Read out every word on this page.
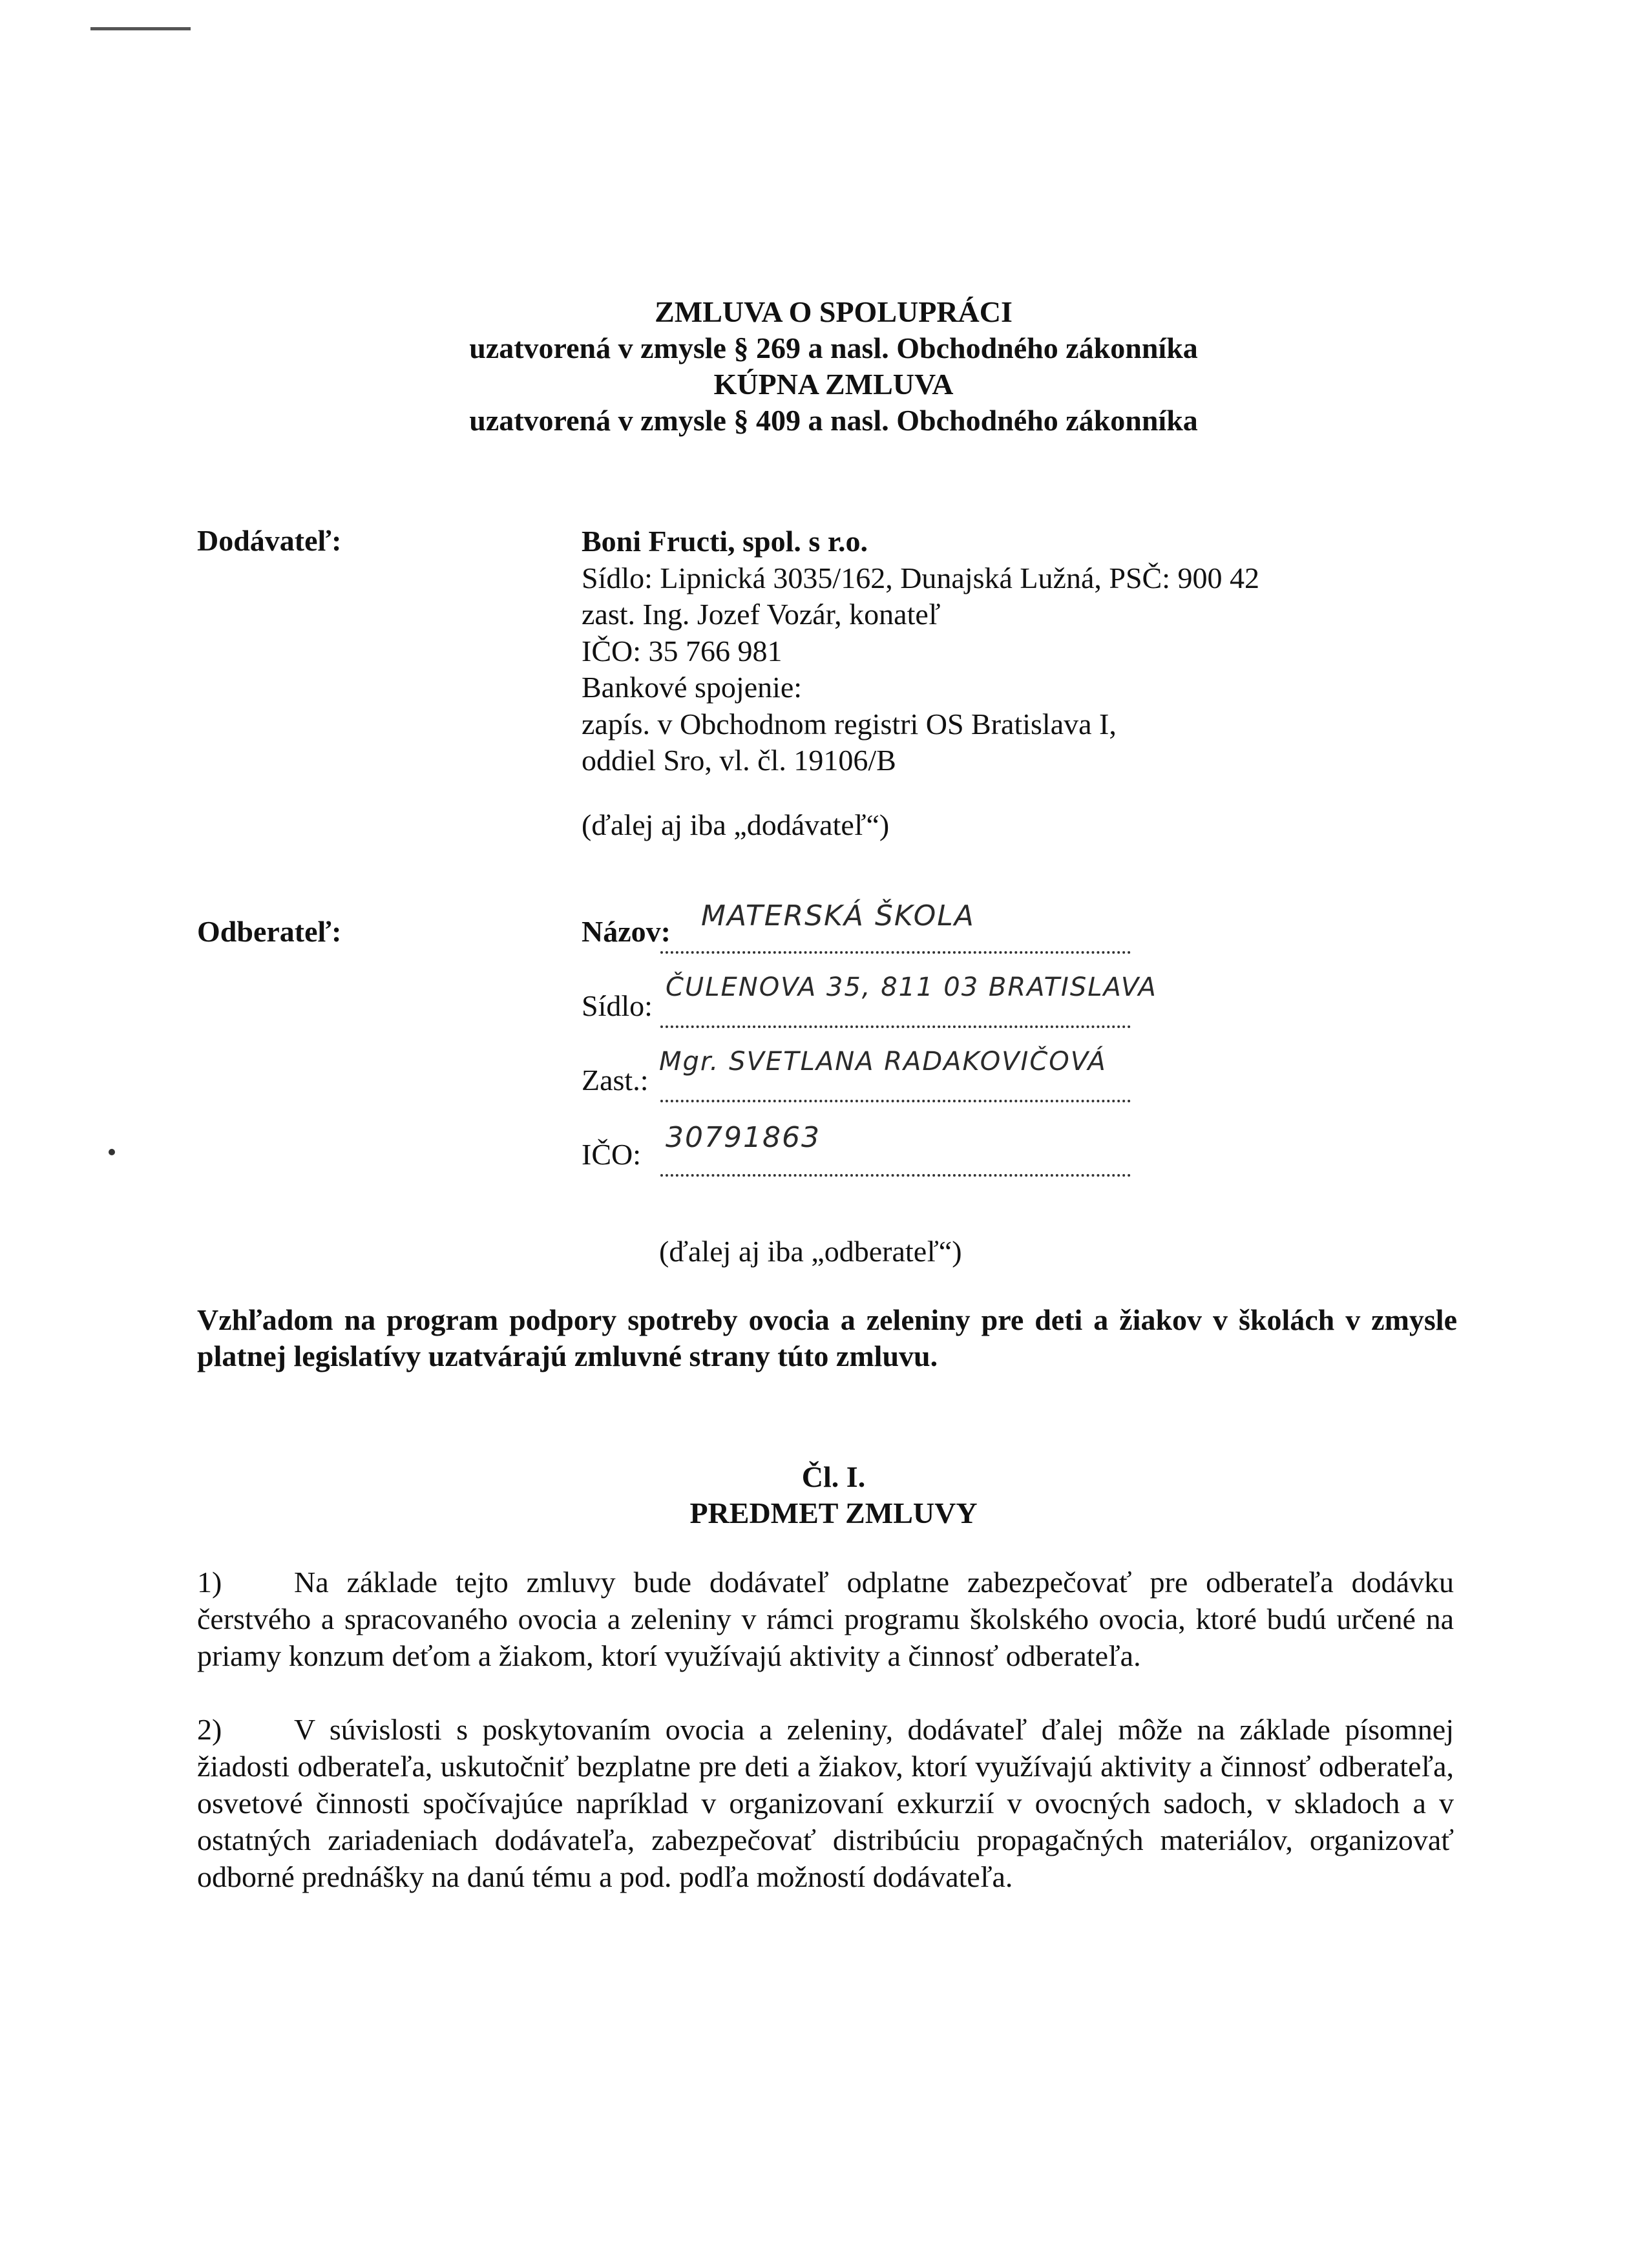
ZMLUVA O SPOLUPRÁCI
uzatvorená v zmysle § 269 a nasl. Obchodného zákonníka
KÚPNA ZMLUVA
uzatvorená v zmysle § 409 a nasl. Obchodného zákonníka
Dodávateľ:	Boni Fructi, spol. s r.o.
Sídlo: Lipnická 3035/162, Dunajská Lužná, PSČ: 900 42
zast. Ing. Jozef Vozár, konateľ
IČO: 35 766 981
Bankové spojenie:
zapís. v Obchodnom registri OS Bratislava I,
oddiel Sro, vl. čl. 19106/B
(ďalej aj iba „dodávateľ“)
Odberateľ:	Názov: MATERSKÁ ŠKOLA
Sídlo:
ČULENOVA 35, 811 03 BRATISLAVA
Zast.:
Mgr. SVETLANA RADAKOVIČOVÁ
IČO:
30791863
(ďalej aj iba „odberateľ“)
Vzhľadom na program podpory spotreby ovocia a zeleniny pre deti a žiakov v školách v zmysle platnej legislatívy uzatvárajú zmluvné strany túto zmluvu.
Čl. I.
PREDMET ZMLUVY
1) Na základe tejto zmluvy bude dodávateľ odplatne zabezpečovať pre odberateľa dodávku čerstvého a spracovaného ovocia a zeleniny v rámci programu školského ovocia, ktoré budú určené na priamy konzum deťom a žiakom, ktorí využívajú aktivity a činnosť odberateľa.
2) V súvislosti s poskytovaním ovocia a zeleniny, dodávateľ ďalej môže na základe písomnej žiadosti odberateľa, uskutočniť bezplatne pre deti a žiakov, ktorí využívajú aktivity a činnosť odberateľa, osvetové činnosti spočívajúce napríklad v organizovaní exkurzií v ovocných sadoch, v skladoch a v ostatných zariadeniach dodávateľa, zabezpečovať distribúciu propagačných materiálov, organizovať odborné prednášky na danú tému a pod. podľa možností dodávateľa.
